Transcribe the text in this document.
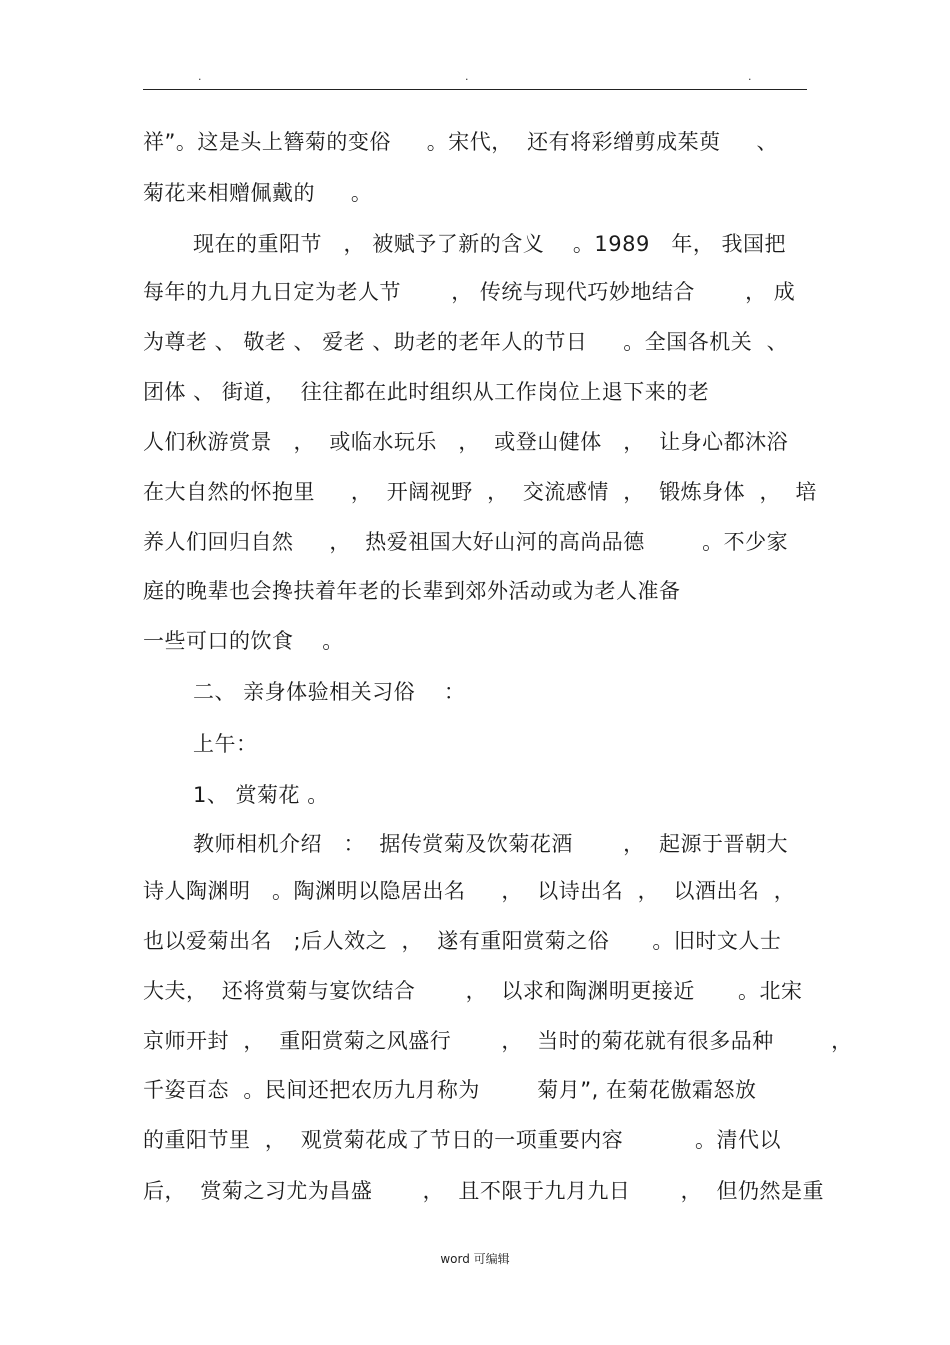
.	.	.
祥”。这是头上簪菊的变俗     。宋代，  还有将彩缯剪成茱萸     、
菊花来相赠佩戴的     。
现在的重阳节   ， 被赋予了新的含义    。1989   年， 我国把
每年的九月九日定为老人节       ， 传统与现代巧妙地结合       ， 成
为尊老 、 敬老 、 爱老 、助老的老年人的节日     。全国各机关  、
团体 、 街道，  往往都在此时组织从工作岗位上退下来的老
人们秋游赏景   ，  或临水玩乐   ，  或登山健体   ，  让身心都沐浴
在大自然的怀抱里     ，  开阔视野  ，  交流感情  ，  锻炼身体  ，  培
养人们回归自然     ，  热爱祖国大好山河的高尚品德        。不少家
庭的晚辈也会搀扶着年老的长辈到郊外活动或为老人准备
一些可口的饮食    。
二、 亲身体验相关习俗    ：
上午：
1、 赏菊花 。
教师相机介绍   ：  据传赏菊及饮菊花酒       ，  起源于晋朝大
诗人陶渊明   。陶渊明以隐居出名     ，  以诗出名  ，  以酒出名  ，
也以爱菊出名   ;后人效之  ，  遂有重阳赏菊之俗      。旧时文人士
大夫，  还将赏菊与宴饮结合       ，  以求和陶渊明更接近      。北宋
京师开封  ，  重阳赏菊之风盛行       ，  当时的菊花就有很多品种        ，
千姿百态  。民间还把农历九月称为        菊月”, 在菊花傲霜怒放
的重阳节里  ，  观赏菊花成了节日的一项重要内容          。清代以
后，  赏菊之习尤为昌盛       ，  且不限于九月九日       ，  但仍然是重
word 可编辑
